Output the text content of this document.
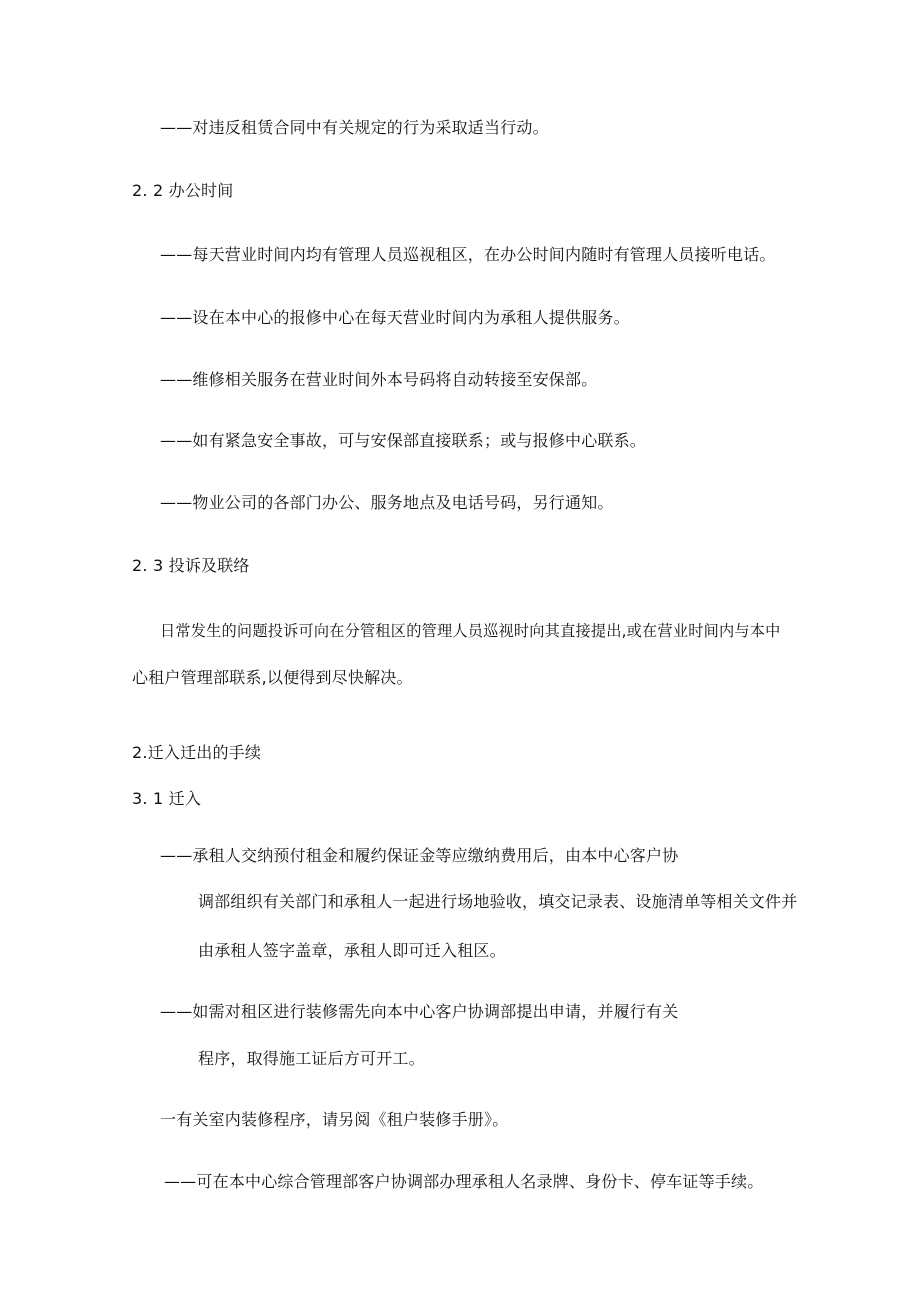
——对违反租赁合同中有关规定的行为采取适当行动。
2. 2 办公时间
——每天营业时间内均有管理人员巡视租区，在办公时间内随时有管理人员接听电话。
——设在本中心的报修中心在每天营业时间内为承租人提供服务。
——维修相关服务在营业时间外本号码将自动转接至安保部。
——如有紧急安全事故，可与安保部直接联系；或与报修中心联系。
——物业公司的各部门办公、服务地点及电话号码，另行通知。
2. 3 投诉及联络
日常发生的问题投诉可向在分管租区的管理人员巡视时向其直接提出,或在营业时间内与本中
心租户管理部联系,以便得到尽快解决。
2.迁入迁出的手续
3. 1 迁入
——承租人交纳预付租金和履约保证金等应缴纳费用后，由本中心客户协
调部组织有关部门和承租人一起进行场地验收，填交记录表、设施清单等相关文件并
由承租人签字盖章，承租人即可迁入租区。
——如需对租区进行装修需先向本中心客户协调部提出申请，并履行有关
程序，取得施工证后方可开工。
一有关室内装修程序，请另阅《租户装修手册》。
——可在本中心综合管理部客户协调部办理承租人名录牌、身份卡、停车证等手续。
